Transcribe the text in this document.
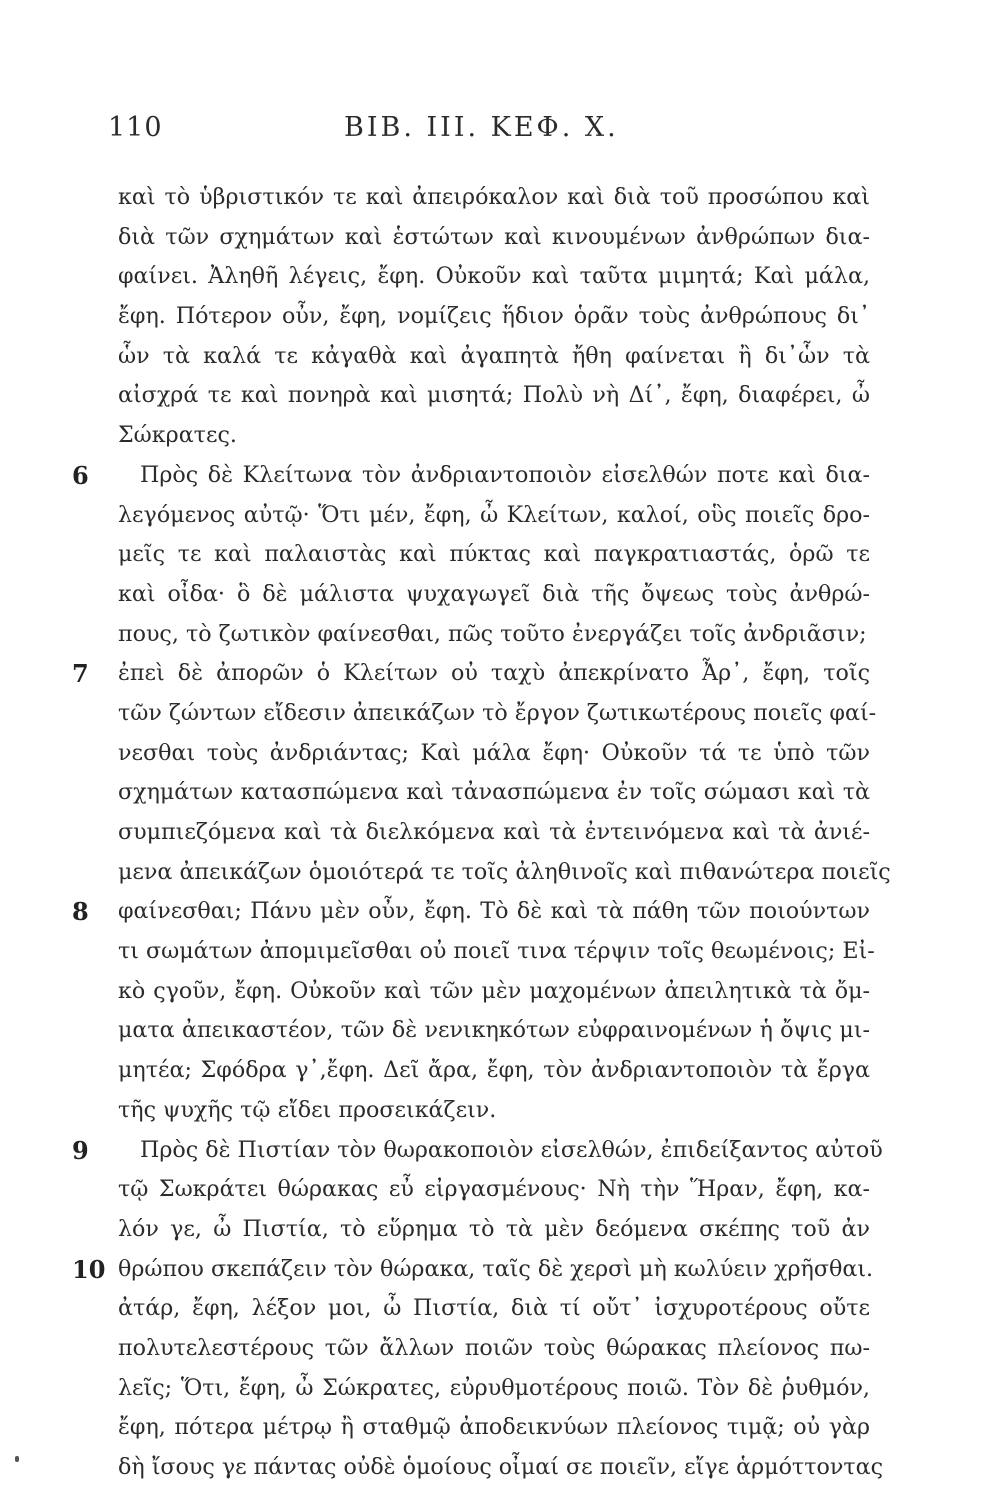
110	BIB. III. ΚΕΦ. X.
καὶ τὸ ὑβριστικόν τε καὶ ἀπειρόκαλον καὶ διὰ τοῦ προσώπου καὶ
διὰ τῶν σχημάτων καὶ ἑστώτων καὶ κινουμένων ἀνθρώπων δια-
φαίνει. Ἀληθῆ λέγεις, ἔφη. Οὐκοῦν καὶ ταῦτα μιμητά; Καὶ μάλα,
ἔφη. Πότερον οὖν, ἔφη, νομίζεις ἥδιον ὁρᾶν τοὺς ἀνθρώπους δι᾽
ὧν τὰ καλά τε κἀγαθὰ καὶ ἀγαπητὰ ἤθη φαίνεται ἢ δι᾽ὧν τὰ
αἰσχρά τε καὶ πονηρὰ καὶ μισητά; Πολὺ νὴ Δί᾽, ἔφη, διαφέρει, ὦ
Σώκρατες.
6 Πρὸς δὲ Κλείτωνα τὸν ἀνδριαντοποιὸν εἰσελθών ποτε καὶ δια-
λεγόμενος αὐτῷ· Ὅτι μέν, ἔφη, ὦ Κλείτων, καλοί, οὓς ποιεῖς δρο-
μεῖς τε καὶ παλαιστὰς καὶ πύκτας καὶ παγκρατιαστάς, ὁρῶ τε
καὶ οἶδα· ὃ δὲ μάλιστα ψυχαγωγεῖ διὰ τῆς ὄψεως τοὺς ἀνθρώ-
πους, τὸ ζωτικὸν φαίνεσθαι, πῶς τοῦτο ἐνεργάζει τοῖς ἀνδριᾶσιν;
7 ἐπεὶ δὲ ἀπορῶν ὁ Κλείτων οὐ ταχὺ ἀπεκρίνατο Ἆρ᾽, ἔφη, τοῖς
τῶν ζώντων εἴδεσιν ἀπεικάζων τὸ ἔργον ζωτικωτέρους ποιεῖς φαί-
νεσθαι τοὺς ἀνδριάντας; Καὶ μάλα ἔφη· Οὐκοῦν τά τε ὑπὸ τῶν
σχημάτων κατασπώμενα καὶ τἀνασπώμενα ἐν τοῖς σώμασι καὶ τὰ
συμπιεζόμενα καὶ τὰ διελκόμενα καὶ τὰ ἐντεινόμενα καὶ τὰ ἀνιέ-
μενα ἀπεικάζων ὁμοιότερά τε τοῖς ἀληθινοῖς καὶ πιθανώτερα ποιεῖς
8 φαίνεσθαι; Πάνυ μὲν οὖν, ἔφη. Τὸ δὲ καὶ τὰ πάθη τῶν ποιούντων
τι σωμάτων ἀπομιμεῖσθαι οὐ ποιεῖ τινα τέρψιν τοῖς θεωμένοις; Εἰ-
κὸ ςγοῦν, ἔφη. Οὐκοῦν καὶ τῶν μὲν μαχομένων ἀπειλητικὰ τὰ ὄμ-
ματα ἀπεικαστέον, τῶν δὲ νενικηκότων εὐφραινομένων ἡ ὄψις μι-
μητέα; Σφόδρα γ᾽,ἔφη. Δεῖ ἄρα, ἔφη, τὸν ἀνδριαντοποιὸν τὰ ἔργα
τῆς ψυχῆς τῷ εἴδει προσεικάζειν.
9 Πρὸς δὲ Πιστίαν τὸν θωρακοποιὸν εἰσελθών, ἐπιδείξαντος αὐτοῦ
τῷ Σωκράτει θώρακας εὖ εἰργασμένους· Νὴ τὴν Ἥραν, ἔφη, κα-
λόν γε, ὦ Πιστία, τὸ εὕρημα τὸ τὰ μὲν δεόμενα σκέπης τοῦ ἀν
10 θρώπου σκεπάζειν τὸν θώρακα, ταῖς δὲ χερσὶ μὴ κωλύειν χρῆσθαι.
ἀτάρ, ἔφη, λέξον μοι, ὦ Πιστία, διὰ τί οὔτ᾽ ἰσχυροτέρους οὔτε
πολυτελεστέρους τῶν ἄλλων ποιῶν τοὺς θώρακας πλείονος πω-
λεῖς; Ὅτι, ἔφη, ὦ Σώκρατες, εὐρυθμοτέρους ποιῶ. Τὸν δὲ ῥυθμόν,
ἔφη, πότερα μέτρῳ ἢ σταθμῷ ἀποδεικνύων πλείονος τιμᾷ; οὐ γὰρ
δὴ ἴσους γε πάντας οὐδὲ ὁμοίους οἶμαί σε ποιεῖν, εἴγε ἁρμόττοντας
